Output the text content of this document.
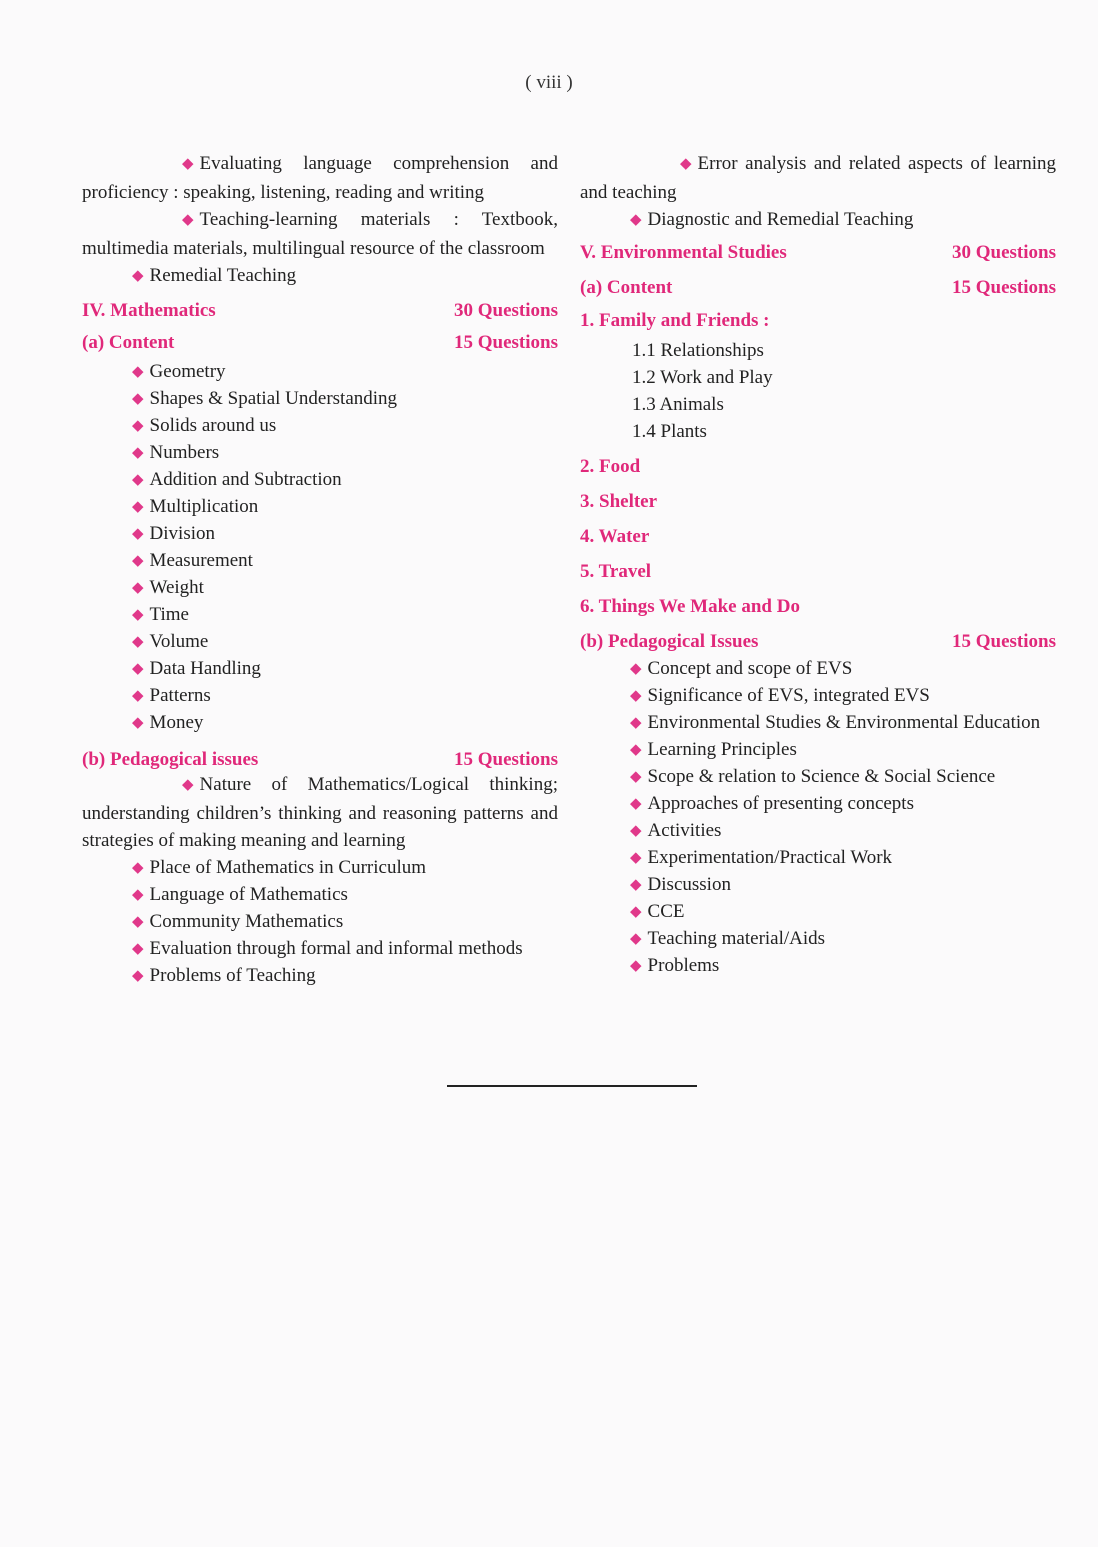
( viii )
◆ Evaluating language comprehension and proficiency : speaking, listening, reading and writing
◆ Teaching-learning materials : Textbook, multimedia materials, multilingual resource of the classroom
◆ Remedial Teaching
IV. Mathematics	30 Questions
(a) Content	15 Questions
◆ Geometry
◆ Shapes & Spatial Understanding
◆ Solids around us
◆ Numbers
◆ Addition and Subtraction
◆ Multiplication
◆ Division
◆ Measurement
◆ Weight
◆ Time
◆ Volume
◆ Data Handling
◆ Patterns
◆ Money
(b) Pedagogical issues	15 Questions
◆ Nature of Mathematics/Logical thinking; understanding children’s thinking and reasoning patterns and strategies of making meaning and learning
◆ Place of Mathematics in Curriculum
◆ Language of Mathematics
◆ Community Mathematics
◆ Evaluation through formal and informal methods
◆ Problems of Teaching
◆ Error analysis and related aspects of learning and teaching
◆ Diagnostic and Remedial Teaching
V. Environmental Studies	30 Questions
(a) Content	15 Questions
1. Family and Friends :
1.1 Relationships
1.2 Work and Play
1.3 Animals
1.4 Plants
2. Food
3. Shelter
4. Water
5. Travel
6. Things We Make and Do
(b) Pedagogical Issues	15 Questions
◆ Concept and scope of EVS
◆ Significance of EVS, integrated EVS
◆ Environmental Studies & Environmental Education
◆ Learning Principles
◆ Scope & relation to Science & Social Science
◆ Approaches of presenting concepts
◆ Activities
◆ Experimentation/Practical Work
◆ Discussion
◆ CCE
◆ Teaching material/Aids
◆ Problems
